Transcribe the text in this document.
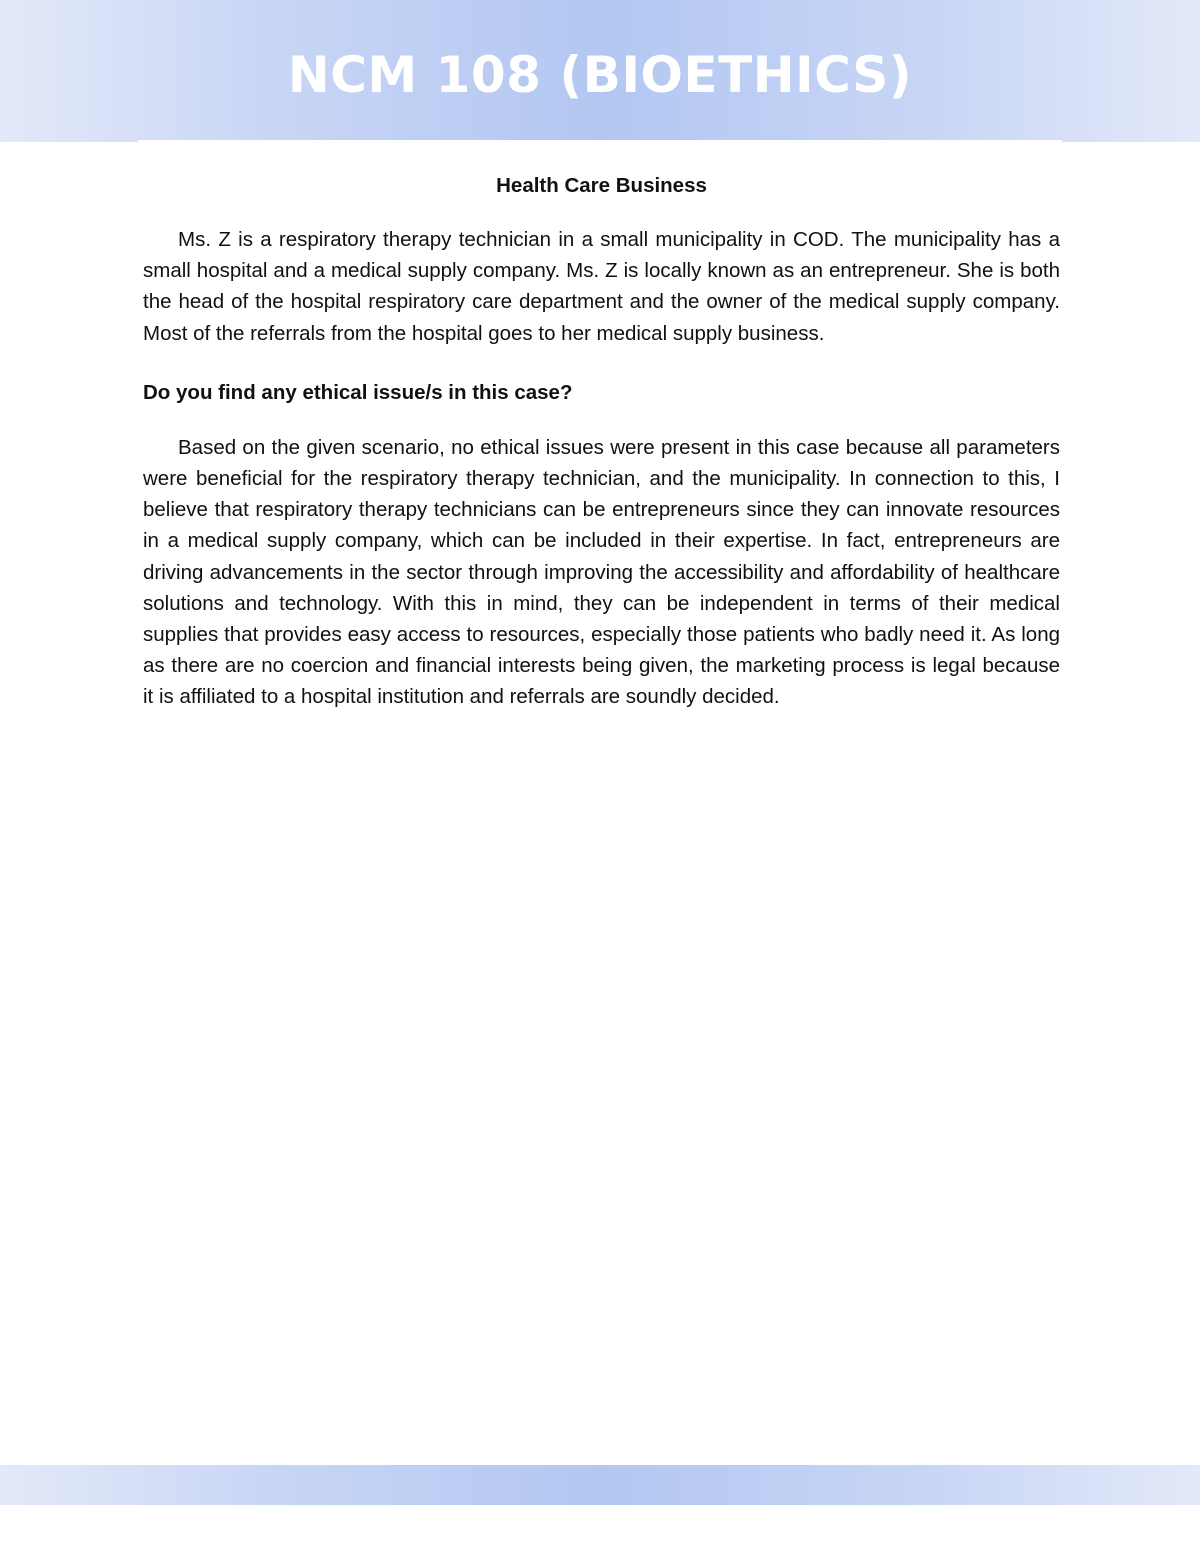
NCM 108 (BIOETHICS)
Health Care Business

Ms. Z is a respiratory therapy technician in a small municipality in COD. The municipality has a small hospital and a medical supply company. Ms. Z is locally known as an entrepreneur. She is both the head of the hospital respiratory care department and the owner of the medical supply company. Most of the referrals from the hospital goes to her medical supply business.

Do you find any ethical issue/s in this case?

Based on the given scenario, no ethical issues were present in this case because all parameters were beneficial for the respiratory therapy technician, and the municipality. In connection to this, I believe that respiratory therapy technicians can be entrepreneurs since they can innovate resources in a medical supply company, which can be included in their expertise. In fact, entrepreneurs are driving advancements in the sector through improving the accessibility and affordability of healthcare solutions and technology. With this in mind, they can be independent in terms of their medical supplies that provides easy access to resources, especially those patients who badly need it. As long as there are no coercion and financial interests being given, the marketing process is legal because it is affiliated to a hospital institution and referrals are soundly decided.
